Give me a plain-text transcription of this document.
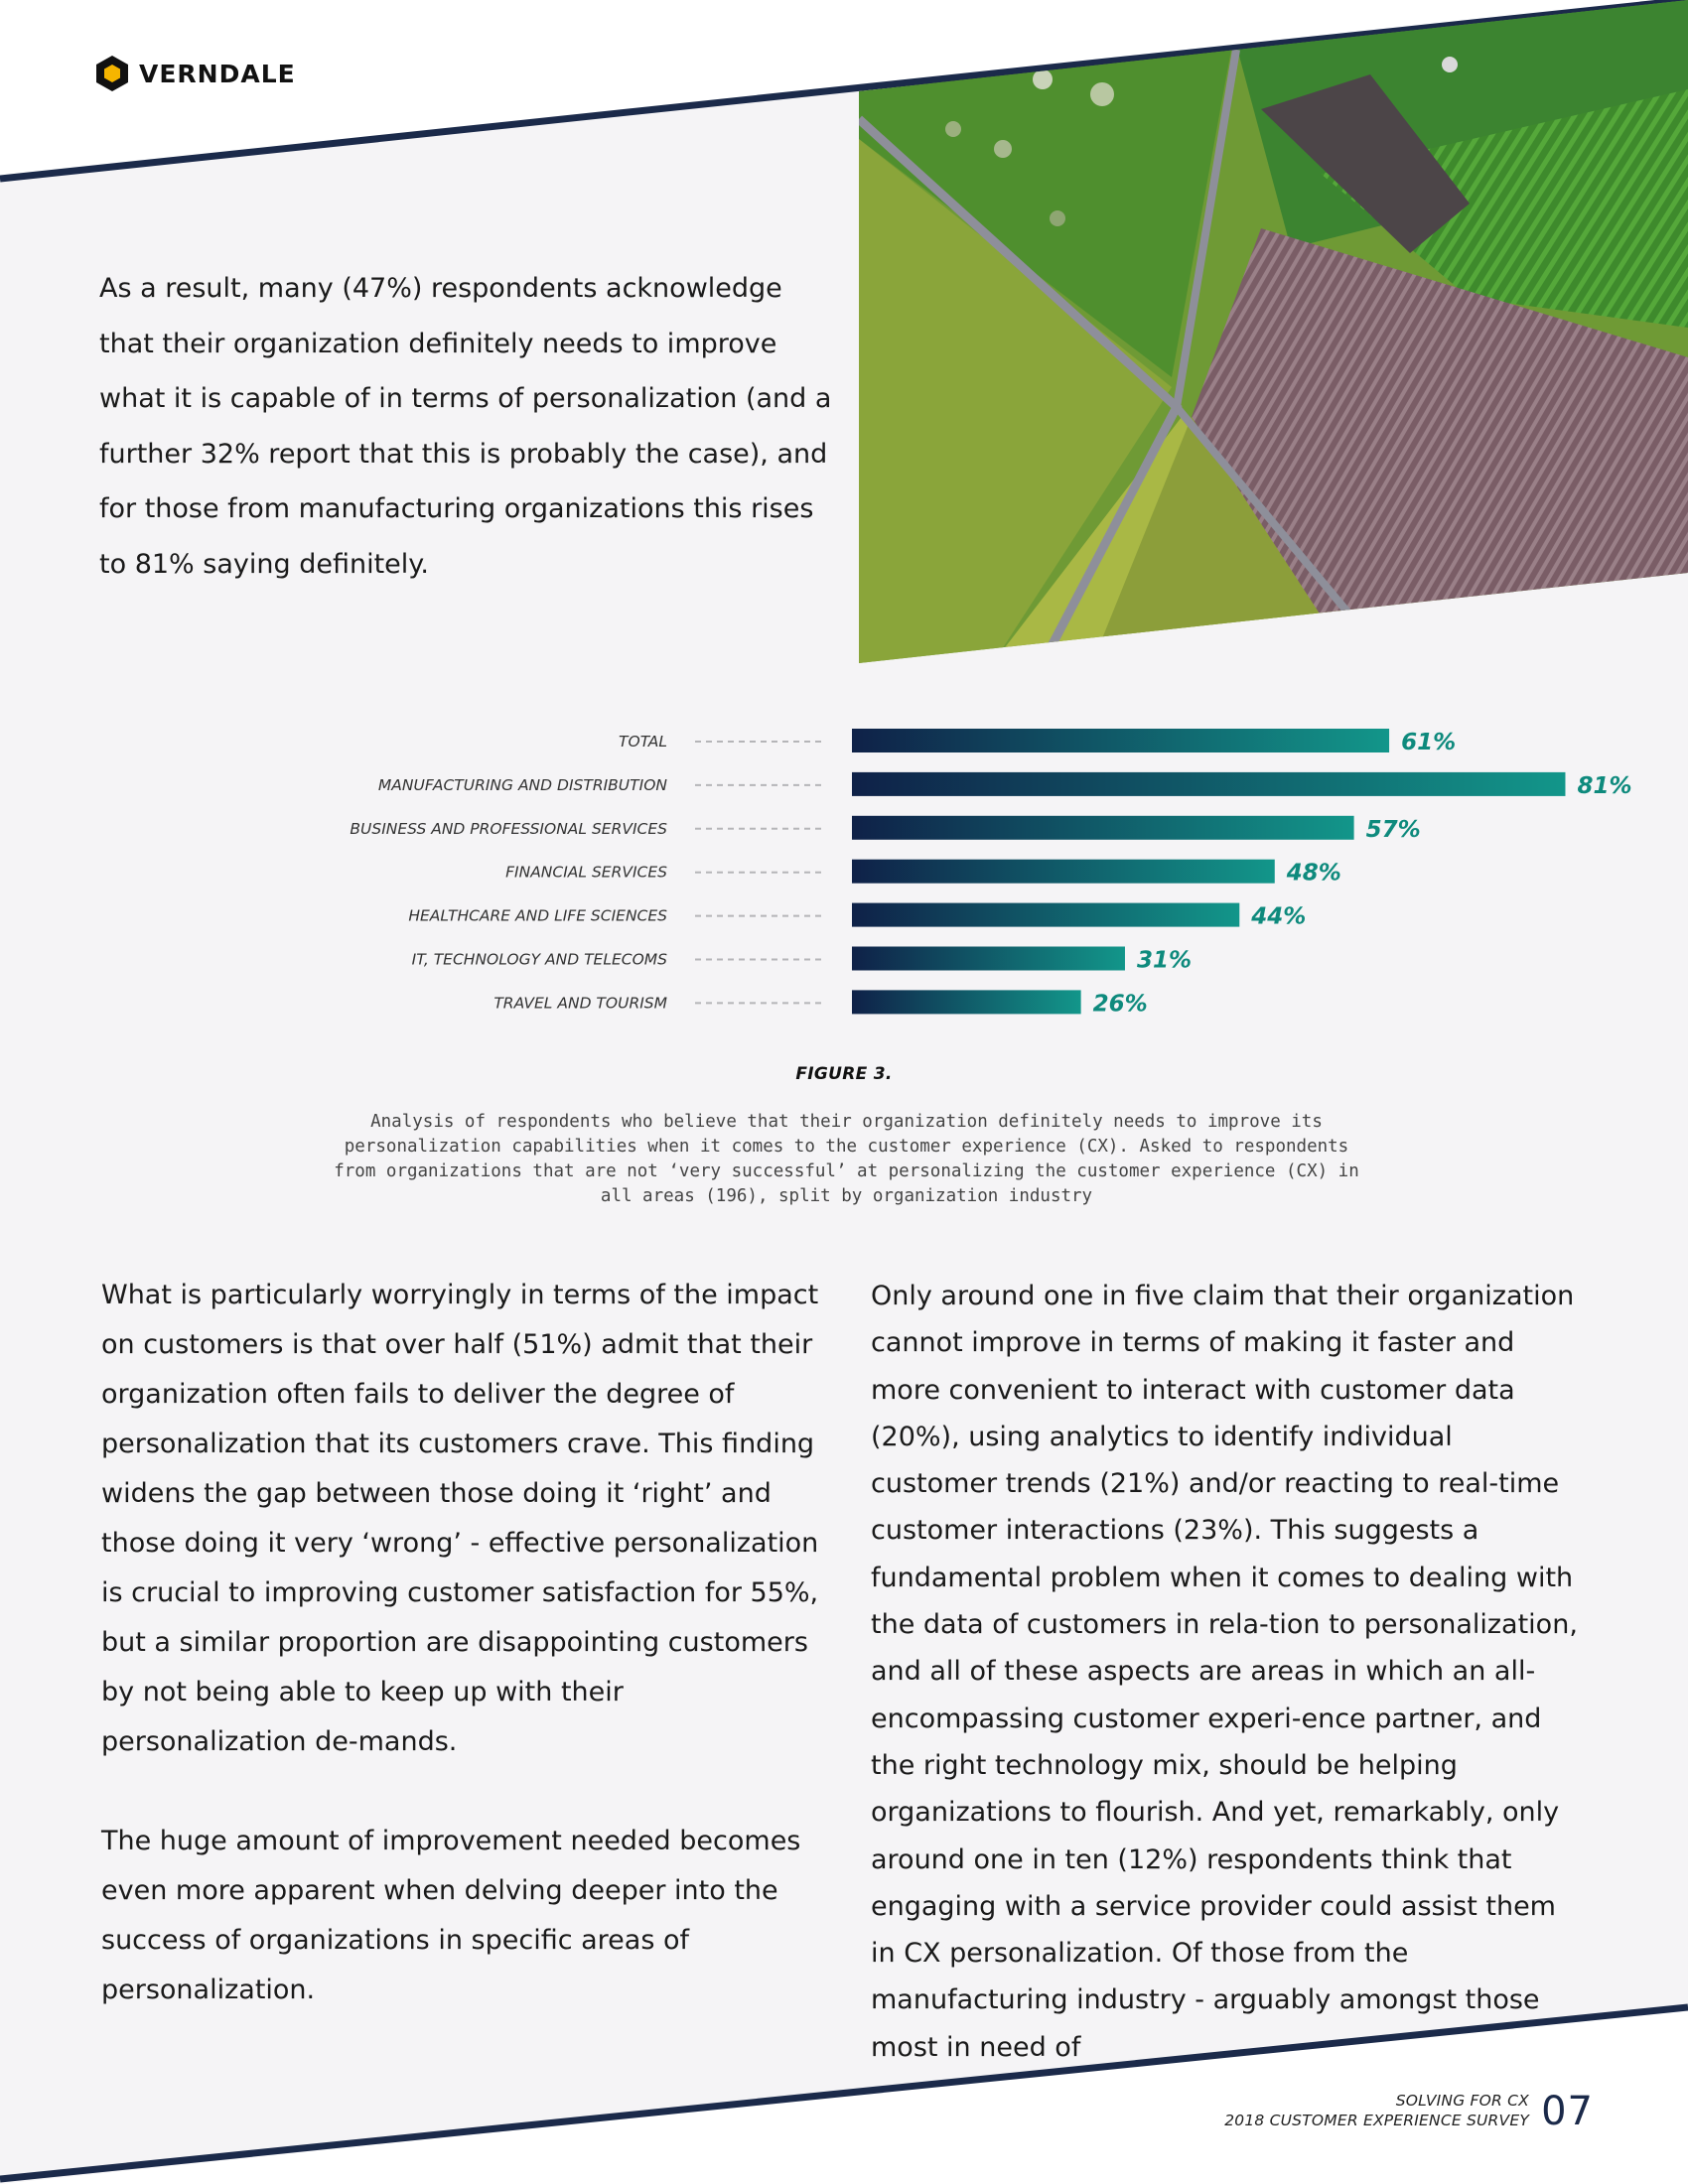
VERNDALE

As a result, many (47%) respondents acknowledge that their organization definitely needs to improve what it is capable of in terms of personalization (and a further 32% report that this is probably the case), and for those from manufacturing organizations this rises to 81% saying definitely.

TOTAL	61%
MANUFACTURING AND DISTRIBUTION	81%
BUSINESS AND PROFESSIONAL SERVICES	57%
FINANCIAL SERVICES	48%
HEALTHCARE AND LIFE SCIENCES	44%
IT, TECHNOLOGY AND TELECOMS	31%
TRAVEL AND TOURISM	26%
FIGURE 3.

Analysis of respondents who believe that their organization definitely needs to improve its personalization capabilities when it comes to the customer experience (CX). Asked to respondents from organizations that are not ‘very successful’ at personalizing the customer experience (CX) in all areas (196), split by organization industry

What is particularly worryingly in terms of the impact on customers is that over half (51%) admit that their organization often fails to deliver the degree of personalization that its customers crave. This finding widens the gap between those doing it ‘right’ and those doing it very ‘wrong’ - effective personalization is crucial to improving customer satisfaction for 55%, but a similar proportion are disappointing customers by not being able to keep up with their personalization de-mands.

The huge amount of improvement needed becomes even more apparent when delving deeper into the success of organizations in specific areas of personalization.

Only around one in five claim that their organization cannot improve in terms of making it faster and more convenient to interact with customer data (20%), using analytics to identify individual customer trends (21%) and/or reacting to real-time customer interactions (23%). This suggests a fundamental problem when it comes to dealing with the data of customers in rela-tion to personalization, and all of these aspects are areas in which an all-encompassing customer experi-ence partner, and the right technology mix, should be helping organizations to flourish. And yet, remarkably, only around one in ten (12%) respondents think that engaging with a service provider could assist them in CX personalization. Of those from the manufacturing industry - arguably amongst those most in need of

SOLVING FOR CX
2018 CUSTOMER EXPERIENCE SURVEY 07
